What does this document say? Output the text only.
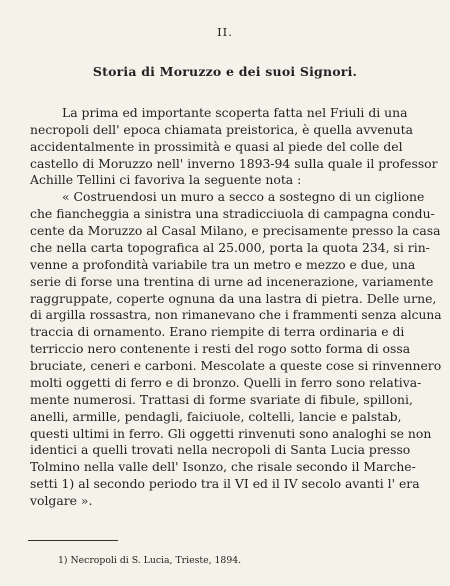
II.
Storia di Moruzzo e dei suoi Signori.
La prima ed importante scoperta fatta nel Friuli di una
necropoli dell' epoca chiamata preistorica, è quella avvenuta
accidentalmente in prossimità e quasi al piede del colle del
castello di Moruzzo nell' inverno 1893-94 sulla quale il professor
Achille Tellini ci favoriva la seguente nota :
« Costruendosi un muro a secco a sostegno di un ciglione
che fiancheggia a sinistra una stradicciuola di campagna condu-
cente da Moruzzo al Casal Milano, e precisamente presso la casa
che nella carta topografica al 25.000, porta la quota 234, si rin-
venne a profondità variabile tra un metro e mezzo e due, una
serie di forse una trentina di urne ad incenerazione, variamente
raggruppate, coperte ognuna da una lastra di pietra. Delle urne,
di argilla rossastra, non rimanevano che i frammenti senza alcuna
traccia di ornamento. Erano riempite di terra ordinaria e di
terriccio nero contenente i resti del rogo sotto forma di ossa
bruciate, ceneri e carboni. Mescolate a queste cose si rinvennero
molti oggetti di ferro e di bronzo. Quelli in ferro sono relativa-
mente numerosi. Trattasi di forme svariate di fibule, spilloni,
anelli, armille, pendagli, faiciuole, coltelli, lancie e palstab,
questi ultimi in ferro. Gli oggetti rinvenuti sono analoghi se non
identici a quelli trovati nella necropoli di Santa Lucia presso
Tolmino nella valle dell' Isonzo, che risale secondo il Marche-
setti 1) al secondo periodo tra il VI ed il IV secolo avanti l' era
volgare ».
1) Necropoli di S. Lucia, Trieste, 1894.
